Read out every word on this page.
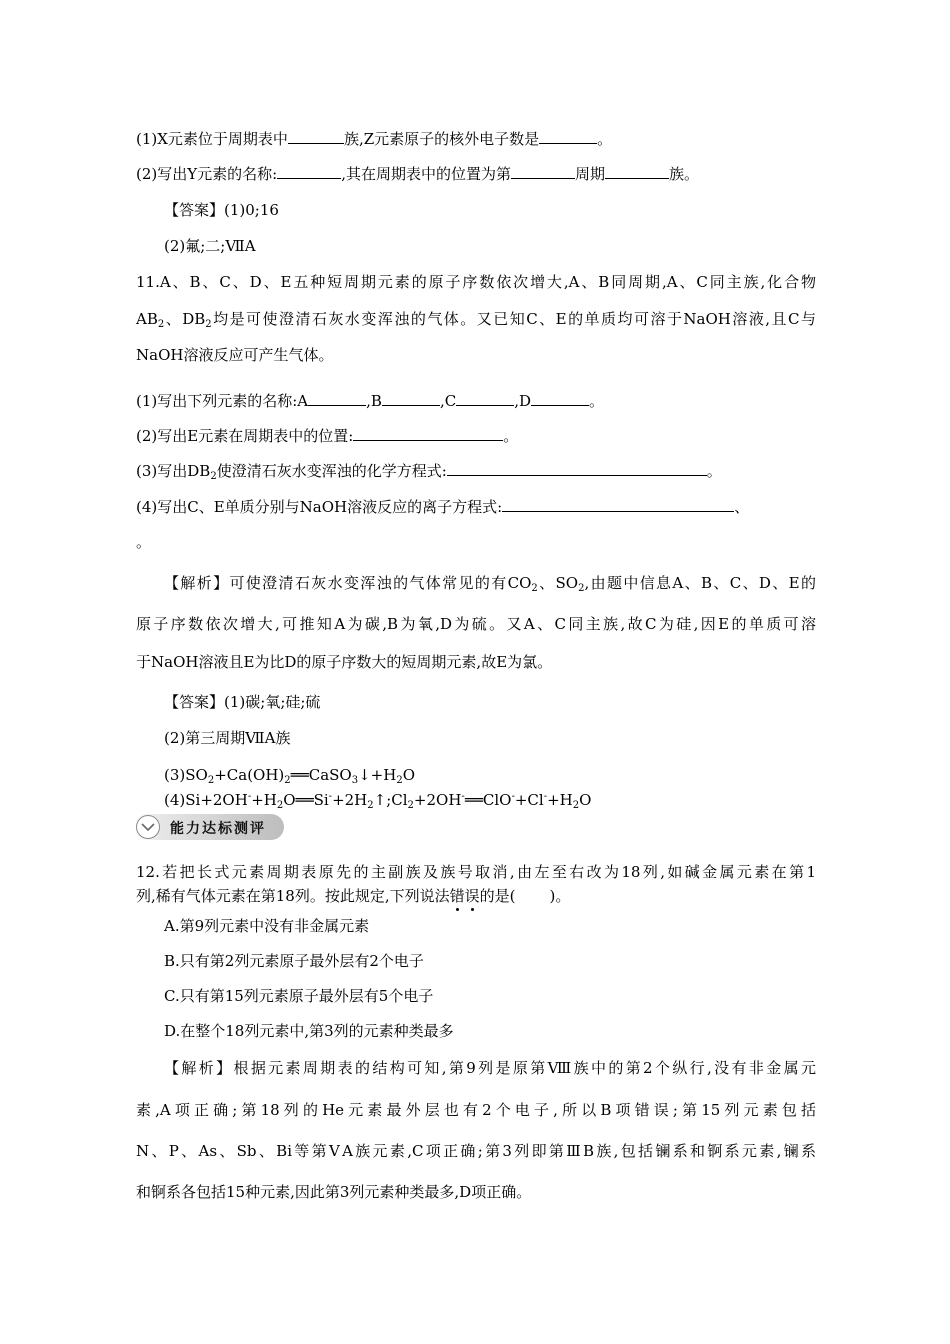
(1)X元素位于周期表中	族,Z元素原子的核外电子数是	。
(2)写出Y元素的名称:	,其在周期表中的位置为第	周期	族。
【答案】(1)0;16
(2)氟;二;ⅦA
11.A、B、C、D、E五种短周期元素的原子序数依次增大,A、B同周期,A、C同主族,化合物
$AB_2$、$DB_2$均是可使澄清石灰水变浑浊的气体。又已知C、E的单质均可溶于NaOH溶液,且C与
NaOH溶液反应可产生气体。
(1)写出下列元素的名称:A	,B	,C	,D	。
(2)写出E元素在周期表中的位置:	。
(3)写出$DB_2$使澄清石灰水变浑浊的化学方程式:	。
(4)写出C、E单质分别与NaOH溶液反应的离子方程式:	、
。
【解析】可使澄清石灰水变浑浊的气体常见的有$CO_2$、$SO_2$,由题中信息A、B、C、D、E的
原子序数依次增大,可推知A为碳,B为氧,D为硫。又A、C同主族,故C为硅,因E的单质可溶
于NaOH溶液且E为比D的原子序数大的短周期元素,故E为氯。
【答案】(1)碳;氧;硅;硫
(2)第三周期ⅦA族
$(3)SO_2+Ca(OH)_2══CaSO_3↓+H_2O$
$(4)Si+2OH^-+H_2O══Si^-+2H_2↑;Cl_2+2OH^-══ClO^-+Cl^-+H_2O$
能力达标测评
12.若把长式元素周期表原先的主副族及族号取消,由左至右改为18列,如碱金属元素在第1
列,稀有气体元素在第18列。按此规定,下列说法错误的是( )。
A.第9列元素中没有非金属元素
B.只有第2列元素原子最外层有2个电子
C.只有第15列元素原子最外层有5个电子
D.在整个18列元素中,第3列的元素种类最多
【解析】根据元素周期表的结构可知,第9列是原第Ⅷ族中的第2个纵行,没有非金属元
素,A项正确;第18列的He元素最外层也有2个电子,所以B项错误;第15列元素包括
N、P、As、Sb、Bi等第ⅤA族元素,C项正确;第3列即第ⅢB族,包括镧系和锕系元素,镧系
和锕系各包括15种元素,因此第3列元素种类最多,D项正确。
